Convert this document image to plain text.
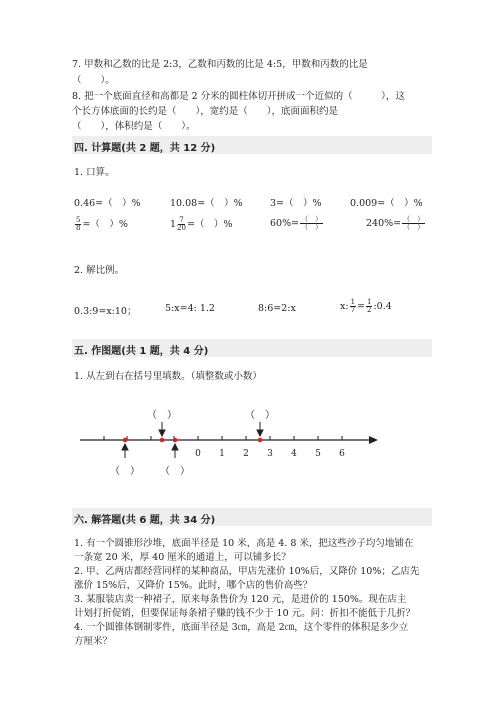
7. 甲数和乙数的比是 2:3，乙数和丙数的比是 4:5，甲数和丙数的比是
（　　）。
8. 把一个底面直径和高都是 2 分米的圆柱体切开拼成一个近似的（　　　），这
个长方体底面的长约是（　　），宽约是（　　），底面面积约是
（　　），体积约是（　　）。
四. 计算题(共 2 题，共 12 分)
1. 口算。
0.46=（　）%	10.08=（　）%	3=（　）%	0.009=（　）%
$\frac{5}{8}$ =（　）%	$1 \frac{7}{20}$ =（　）%	$60\%= \frac{( )}{( )}$	$240\%= \frac{( )}{( )}$
2. 解比例。
0.3:9=x:10；	5:x=4: 1.2	8:6=2:x	x: $\frac{1}{7} = \frac{1}{2}$ :0.4
五. 作图题(共 1 题，共 4 分)
1. 从左到右在括号里填数。（填整数或小数）
0 1 2 3 4 5 6
（　）	（　）
（　） （　）
六. 解答题(共 6 题，共 34 分)
1. 有一个圆锥形沙堆，底面半径是 10 米，高是 4. 8 米，把这些沙子均匀地铺在
一条宽 20 米，厚 40 厘米的通道上，可以铺多长？
2. 甲、乙两店都经营同样的某种商品，甲店先涨价 10%后，又降价 10%；乙店先
涨价 15%后，又降价 15%。此时，哪个店的售价高些？
3. 某服装店卖一种裙子，原来每条售价为 120 元，是进价的 150%。现在店主
计划打折促销，但要保证每条裙子赚的钱不少于 10 元。问：折扣不能低于几折？
4. 一个圆锥体钢制零件，底面半径是 3㎝，高是 2㎝，这个零件的体积是多少立
方厘米？
